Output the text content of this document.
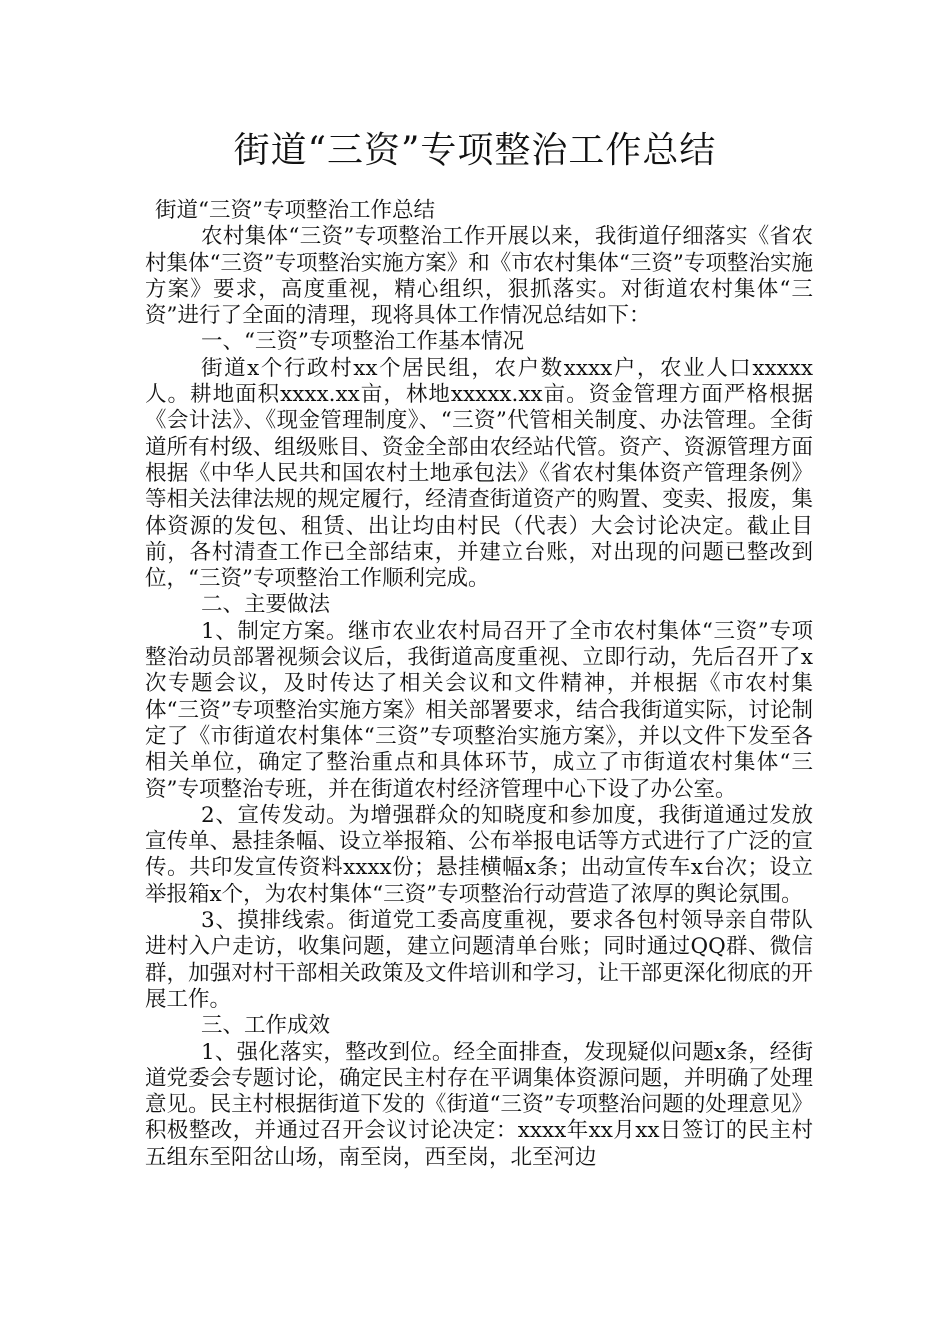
街道“三资”专项整治工作总结

街道“三资”专项整治工作总结

农村集体“三资”专项整治工作开展以来，我街道仔细落实《省农村集体“三资”专项整治实施方案》和《市农村集体“三资”专项整治实施方案》要求，高度重视，精心组织，狠抓落实。对街道农村集体“三资”进行了全面的清理，现将具体工作情况总结如下：

一、“三资”专项整治工作基本情况

街道x个行政村xx个居民组，农户数xxxx户，农业人口xxxxx人。耕地面积xxxx.xx亩，林地xxxxx.xx亩。资金管理方面严格根据《会计法》、《现金管理制度》、“三资”代管相关制度、办法管理。全街道所有村级、组级账目、资金全部由农经站代管。资产、资源管理方面根据《中华人民共和国农村土地承包法》《省农村集体资产管理条例》等相关法律法规的规定履行，经清查街道资产的购置、变卖、报废，集体资源的发包、租赁、出让均由村民（代表）大会讨论决定。截止目前，各村清查工作已全部结束，并建立台账，对出现的问题已整改到位，“三资”专项整治工作顺利完成。

二、主要做法

1、制定方案。继市农业农村局召开了全市农村集体“三资”专项整治动员部署视频会议后，我街道高度重视、立即行动，先后召开了x次专题会议，及时传达了相关会议和文件精神，并根据《市农村集体“三资”专项整治实施方案》相关部署要求，结合我街道实际，讨论制定了《市街道农村集体“三资”专项整治实施方案》，并以文件下发至各相关单位，确定了整治重点和具体环节，成立了市街道农村集体“三资”专项整治专班，并在街道农村经济管理中心下设了办公室。

2、宣传发动。为增强群众的知晓度和参加度，我街道通过发放宣传单、悬挂条幅、设立举报箱、公布举报电话等方式进行了广泛的宣传。共印发宣传资料xxxx份；悬挂横幅x条；出动宣传车x台次；设立举报箱x个，为农村集体“三资”专项整治行动营造了浓厚的舆论氛围。

3、摸排线索。街道党工委高度重视，要求各包村领导亲自带队进村入户走访，收集问题，建立问题清单台账；同时通过QQ群、微信群，加强对村干部相关政策及文件培训和学习，让干部更深化彻底的开展工作。

三、工作成效

1、强化落实，整改到位。经全面排查，发现疑似问题x条，经街道党委会专题讨论，确定民主村存在平调集体资源问题，并明确了处理意见。民主村根据街道下发的《街道“三资”专项整治问题的处理意见》积极整改，并通过召开会议讨论决定：xxxx年xx月xx日签订的民主村五组东至阳岔山场，南至岗，西至岗，北至河边
